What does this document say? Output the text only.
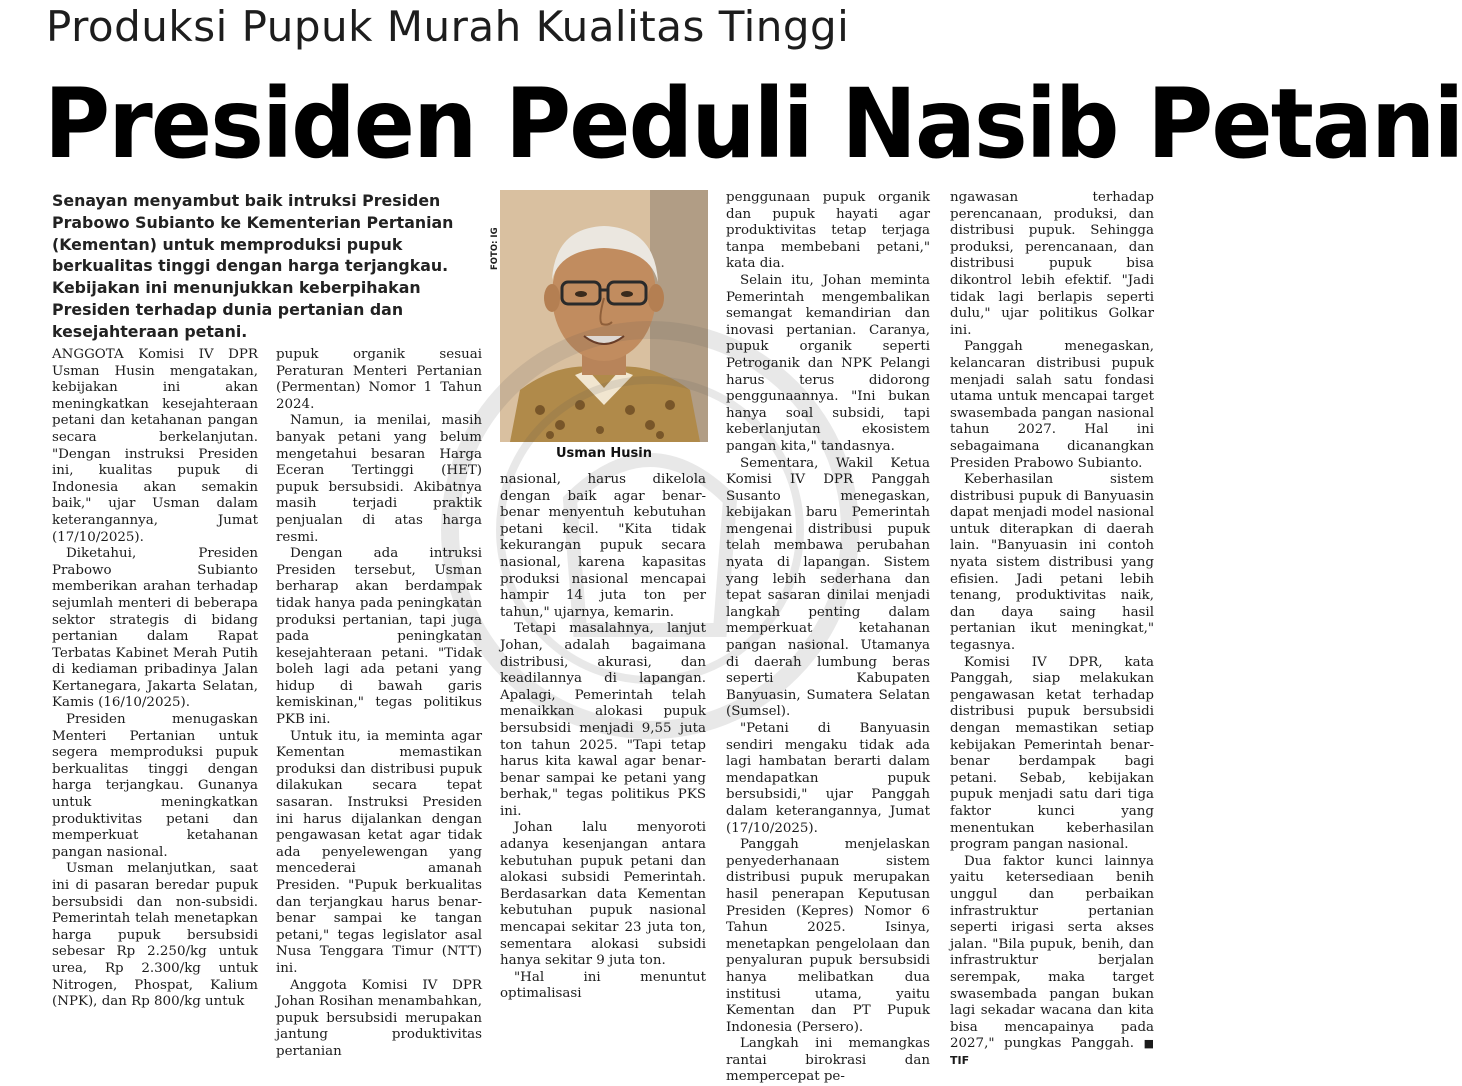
Produksi Pupuk Murah Kualitas Tinggi
Presiden Peduli Nasib Petani
Senayan menyambut baik intruksi Presiden Prabowo Subianto ke Kementerian Pertanian (Kementan) untuk memproduksi pupuk berkualitas tinggi dengan harga terjangkau. Kebijakan ini menunjukkan keberpihakan Presiden terhadap dunia pertanian dan kesejahteraan petani.
FOTO: IG
Usman Husin

ANGGOTA Komisi IV DPR Usman Husin mengatakan, kebijakan ini akan meningkatkan kesejahteraan petani dan ketahanan pangan secara berkelanjutan. "Dengan instruksi Presiden ini, kualitas pupuk di Indonesia akan semakin baik," ujar Usman dalam keterangannya, Jumat (17/10/2025).

Diketahui, Presiden Prabowo Subianto memberikan arahan terhadap sejumlah menteri di beberapa sektor strategis di bidang pertanian dalam Rapat Terbatas Kabinet Merah Putih di kediaman pribadinya Jalan Kertanegara, Jakarta Selatan, Kamis (16/10/2025).

Presiden menugaskan Menteri Pertanian untuk segera memproduksi pupuk berkualitas tinggi dengan harga terjangkau. Gunanya untuk meningkatkan produktivitas petani dan memperkuat ketahanan pangan nasional.

Usman melanjutkan, saat ini di pasaran beredar pupuk bersubsidi dan non-subsidi. Pemerintah telah menetapkan harga pupuk bersubsidi sebesar Rp 2.250/kg untuk urea, Rp 2.300/kg untuk Nitrogen, Phospat, Kalium (NPK), dan Rp 800/kg untuk

pupuk organik sesuai Peraturan Menteri Pertanian (Permentan) Nomor 1 Tahun 2024.

Namun, ia menilai, masih banyak petani yang belum mengetahui besaran Harga Eceran Tertinggi (HET) pupuk bersubsidi. Akibatnya masih terjadi praktik penjualan di atas harga resmi.

Dengan ada intruksi Presiden tersebut, Usman berharap akan berdampak tidak hanya pada peningkatan produksi pertanian, tapi juga pada peningkatan kesejahteraan petani. "Tidak boleh lagi ada petani yang hidup di bawah garis kemiskinan," tegas politikus PKB ini.

Untuk itu, ia meminta agar Kementan memastikan produksi dan distribusi pupuk dilakukan secara tepat sasaran. Instruksi Presiden ini harus dijalankan dengan pengawasan ketat agar tidak ada penyelewengan yang mencederai amanah Presiden. "Pupuk berkualitas dan terjangkau harus benar-benar sampai ke tangan petani," tegas legislator asal Nusa Tenggara Timur (NTT) ini.

Anggota Komisi IV DPR Johan Rosihan menambahkan, pupuk bersubsidi merupakan jantung produktivitas pertanian

nasional, harus dikelola dengan baik agar benar-benar menyentuh kebutuhan petani kecil. "Kita tidak kekurangan pupuk secara nasional, karena kapasitas produksi nasional mencapai hampir 14 juta ton per tahun," ujarnya, kemarin.

Tetapi masalahnya, lanjut Johan, adalah bagaimana distribusi, akurasi, dan keadilannya di lapangan. Apalagi, Pemerintah telah menaikkan alokasi pupuk bersubsidi menjadi 9,55 juta ton tahun 2025. "Tapi tetap harus kita kawal agar benar-benar sampai ke petani yang berhak," tegas politikus PKS ini.

Johan lalu menyoroti adanya kesenjangan antara kebutuhan pupuk petani dan alokasi subsidi Pemerintah. Berdasarkan data Kementan kebutuhan pupuk nasional mencapai sekitar 23 juta ton, sementara alokasi subsidi hanya sekitar 9 juta ton.

"Hal ini menuntut optimalisasi

penggunaan pupuk organik dan pupuk hayati agar produktivitas tetap terjaga tanpa membebani petani," kata dia.

Selain itu, Johan meminta Pemerintah mengembalikan semangat kemandirian dan inovasi pertanian. Caranya, pupuk organik seperti Petroganik dan NPK Pelangi harus terus didorong penggunaannya. "Ini bukan hanya soal subsidi, tapi keberlanjutan ekosistem pangan kita," tandasnya.

Sementara, Wakil Ketua Komisi IV DPR Panggah Susanto menegaskan, kebijakan baru Pemerintah mengenai distribusi pupuk telah membawa perubahan nyata di lapangan. Sistem yang lebih sederhana dan tepat sasaran dinilai menjadi langkah penting dalam memperkuat ketahanan pangan nasional. Utamanya di daerah lumbung beras seperti Kabupaten Banyuasin, Sumatera Selatan (Sumsel).

"Petani di Banyuasin sendiri mengaku tidak ada lagi hambatan berarti dalam mendapatkan pupuk bersubsidi," ujar Panggah dalam keterangannya, Jumat (17/10/2025).

Panggah menjelaskan penyederhanaan sistem distribusi pupuk merupakan hasil penerapan Keputusan Presiden (Kepres) Nomor 6 Tahun 2025. Isinya, menetapkan pengelolaan dan penyaluran pupuk bersubsidi hanya melibatkan dua institusi utama, yaitu Kementan dan PT Pupuk Indonesia (Persero).

Langkah ini memangkas rantai birokrasi dan mempercepat pe-

ngawasan terhadap perencanaan, produksi, dan distribusi pupuk. Sehingga produksi, perencanaan, dan distribusi pupuk bisa dikontrol lebih efektif. "Jadi tidak lagi berlapis seperti dulu," ujar politikus Golkar ini.

Panggah menegaskan, kelancaran distribusi pupuk menjadi salah satu fondasi utama untuk mencapai target swasembada pangan nasional tahun 2027. Hal ini sebagaimana dicanangkan Presiden Prabowo Subianto.

Keberhasilan sistem distribusi pupuk di Banyuasin dapat menjadi model nasional untuk diterapkan di daerah lain. "Banyuasin ini contoh nyata sistem distribusi yang efisien. Jadi petani lebih tenang, produktivitas naik, dan daya saing hasil pertanian ikut meningkat," tegasnya.

Komisi IV DPR, kata Panggah, siap melakukan pengawasan ketat terhadap distribusi pupuk bersubsidi dengan memastikan setiap kebijakan Pemerintah benar-benar berdampak bagi petani. Sebab, kebijakan pupuk menjadi satu dari tiga faktor kunci yang menentukan keberhasilan program pangan nasional.

Dua faktor kunci lainnya yaitu ketersediaan benih unggul dan perbaikan infrastruktur pertanian seperti irigasi serta akses jalan. "Bila pupuk, benih, dan infrastruktur berjalan serempak, maka target swasembada pangan bukan lagi sekadar wacana dan kita bisa mencapainya pada 2027," pungkas Panggah. ■ TIF
